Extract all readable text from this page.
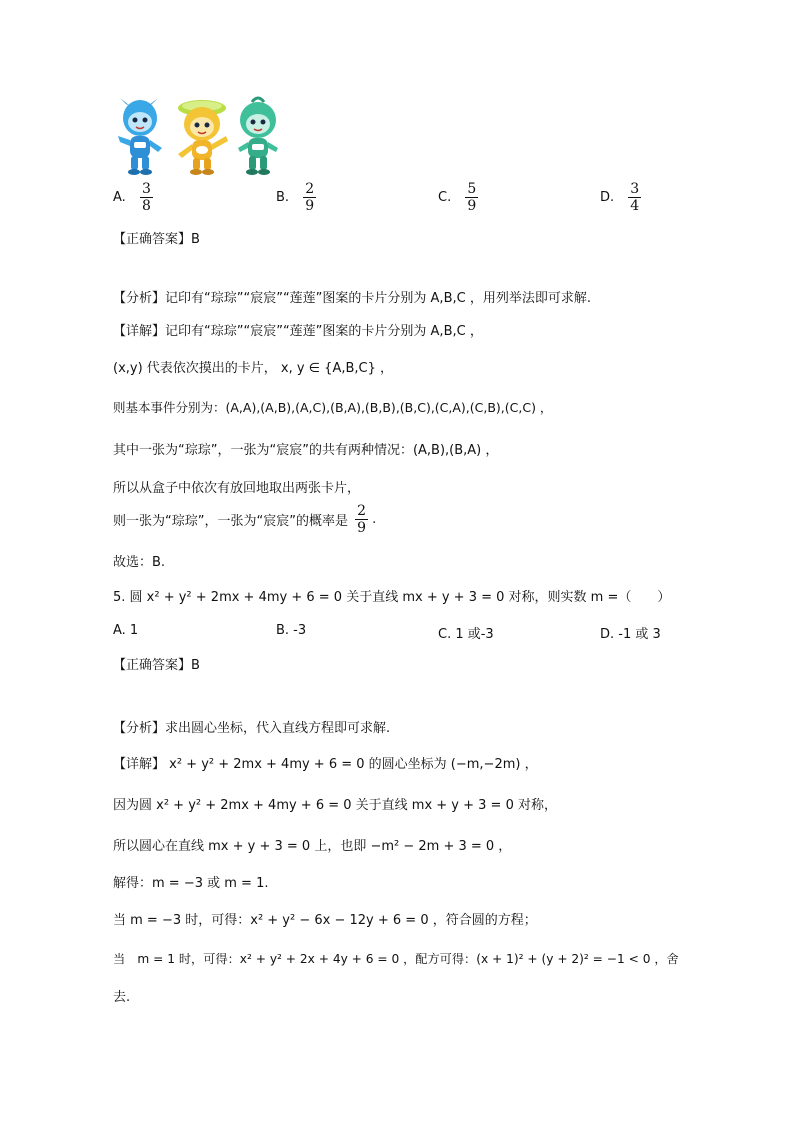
A. $\frac{3}{8}$	B. $\frac{2}{9}$	C. $\frac{5}{9}$	D. $\frac{3}{4}$
【正确答案】B
【分析】记印有“琮琮”“宸宸”“莲莲”图案的卡片分别为 A,B,C ，用列举法即可求解.
【详解】记印有“琮琮”“宸宸”“莲莲”图案的卡片分别为 A,B,C ，
(x,y) 代表依次摸出的卡片， x, y ∈ {A,B,C} ，
则基本事件分别为：(A,A),(A,B),(A,C),(B,A),(B,B),(B,C),(C,A),(C,B),(C,C) ，
其中一张为“琮琮”，一张为“宸宸”的共有两种情况：(A,B),(B,A) ，
所以从盒子中依次有放回地取出两张卡片，
则一张为“琮琮”，一张为“宸宸”的概率是 $\frac{2}{9}$ .
故选：B.
5. 圆 x² + y² + 2mx + 4my + 6 = 0 关于直线 mx + y + 3 = 0 对称，则实数 m =（　　）
A. 1	B. -3	C. 1 或-3	D. -1 或 3
【正确答案】B
【分析】求出圆心坐标，代入直线方程即可求解.
【详解】 x² + y² + 2mx + 4my + 6 = 0 的圆心坐标为 (−m,−2m) ，
因为圆 x² + y² + 2mx + 4my + 6 = 0 关于直线 mx + y + 3 = 0 对称，
所以圆心在直线 mx + y + 3 = 0 上，也即 −m² − 2m + 3 = 0 ，
解得：m = −3 或 m = 1.
当 m = −3 时，可得：x² + y² − 6x − 12y + 6 = 0 ，符合圆的方程；
当　m = 1 时，可得：x² + y² + 2x + 4y + 6 = 0 ，配方可得：(x + 1)² + (y + 2)² = −1 < 0 ，舍
去.
